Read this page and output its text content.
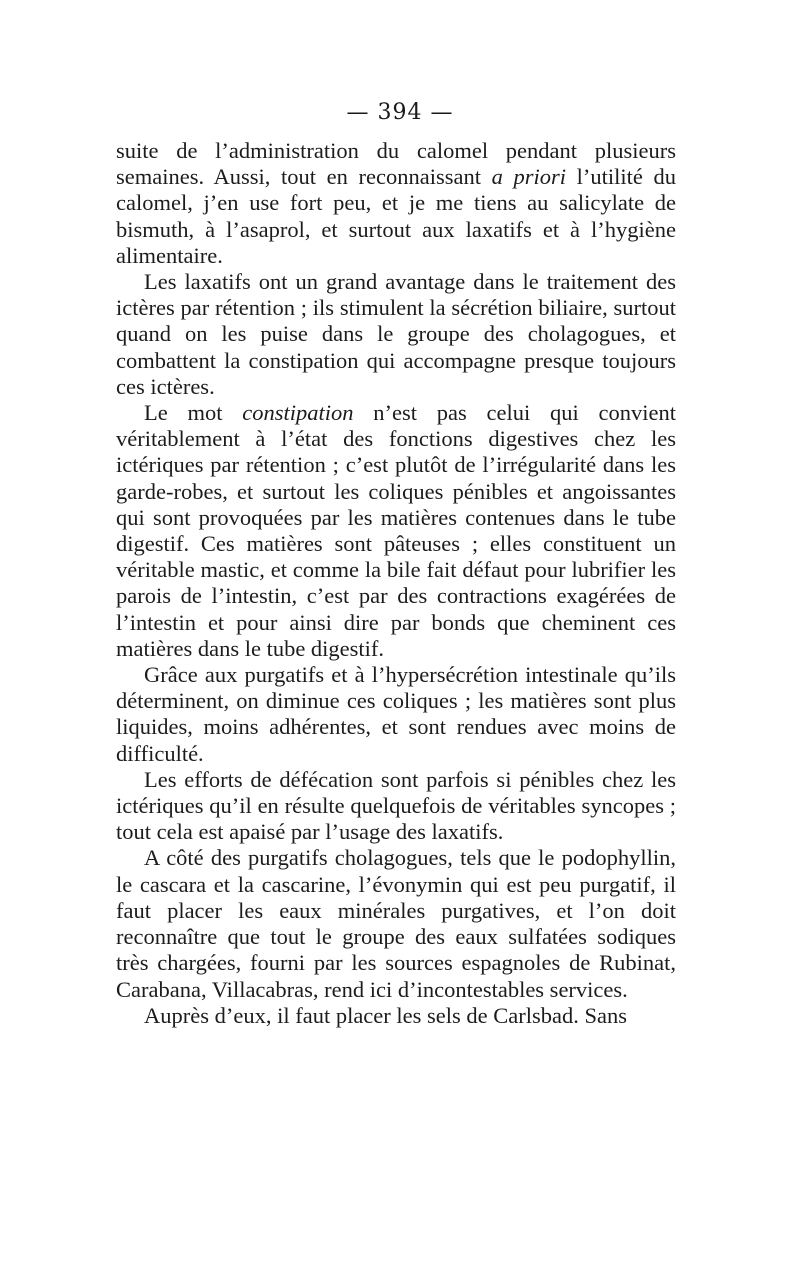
— 394 —

suite de l’administration du calomel pendant plusieurs semaines. Aussi, tout en reconnaissant a priori l’utilité du calomel, j’en use fort peu, et je me tiens au salicylate de bismuth, à l’asaprol, et surtout aux laxatifs et à l’hygiène alimentaire.

Les laxatifs ont un grand avantage dans le traitement des ictères par rétention ; ils stimulent la sécrétion biliaire, surtout quand on les puise dans le groupe des cholagogues, et combattent la constipation qui accompagne presque toujours ces ictères.

Le mot constipation n’est pas celui qui convient véritablement à l’état des fonctions digestives chez les ictériques par rétention ; c’est plutôt de l’irrégularité dans les garde-robes, et surtout les coliques pénibles et angoissantes qui sont provoquées par les matières contenues dans le tube digestif. Ces matières sont pâteuses ; elles constituent un véritable mastic, et comme la bile fait défaut pour lubrifier les parois de l’intestin, c’est par des contractions exagérées de l’intestin et pour ainsi dire par bonds que cheminent ces matières dans le tube digestif.

Grâce aux purgatifs et à l’hypersécrétion intestinale qu’ils déterminent, on diminue ces coliques ; les matières sont plus liquides, moins adhérentes, et sont rendues avec moins de difficulté.

Les efforts de défécation sont parfois si pénibles chez les ictériques qu’il en résulte quelquefois de véritables syncopes ; tout cela est apaisé par l’usage des laxatifs.

A côté des purgatifs cholagogues, tels que le podophyllin, le cascara et la cascarine, l’évonymin qui est peu purgatif, il faut placer les eaux minérales purgatives, et l’on doit reconnaître que tout le groupe des eaux sulfatées sodiques très chargées, fourni par les sources espagnoles de Rubinat, Carabana, Villacabras, rend ici d’incontestables services.

Auprès d’eux, il faut placer les sels de Carlsbad. Sans
